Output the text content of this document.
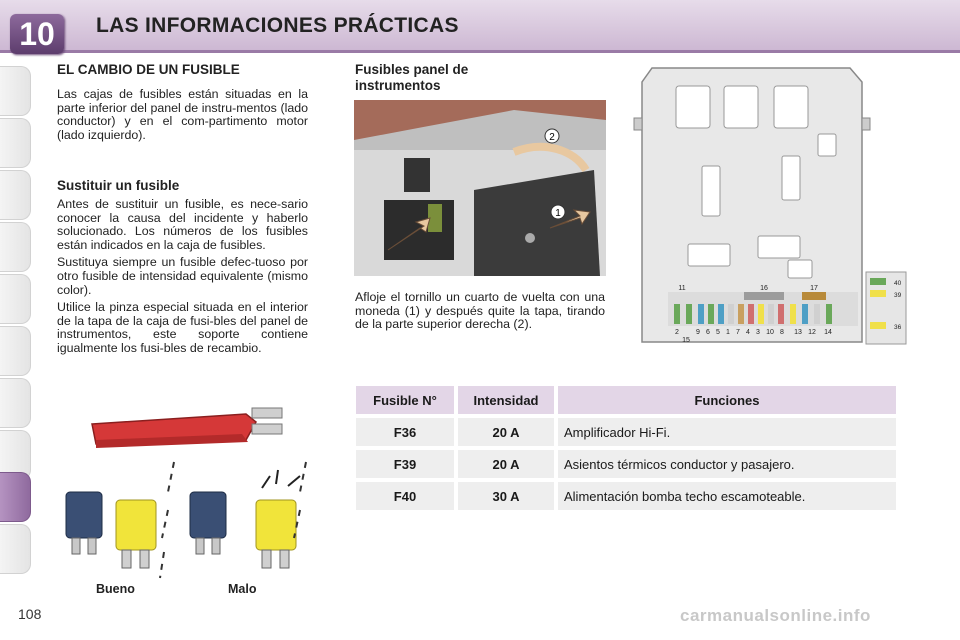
10	LAS INFORMACIONES PRÁCTICAS
EL CAMBIO DE UN FUSIBLE

Las cajas de fusibles están situadas en la parte inferior del panel de instru-mentos (lado conductor) y en el com-partimento motor (lado izquierdo).

Sustituir un fusible

Antes de sustituir un fusible, es nece-sario conocer la causa del incidente y haberlo solucionado. Los números de los fusibles están indicados en la caja de fusibles.

Sustituya siempre un fusible defec-tuoso por otro fusible de intensidad equivalente (mismo color).

Utilice la pinza especial situada en el interior de la tapa de la caja de fusi-bles del panel de instrumentos, este soporte contiene igualmente los fusi-bles de recambio.

Bueno	Malo
Fusibles panel de instrumentos
1
2

Afloje el tornillo un cuarto de vuelta con una moneda (1) y después quite la tapa, tirando de la parte superior derecha (2).

11	16	17
2 9 6 5 1 7 4 3 10 8 13 12 14
15
40
39
36
Fusible N°	Intensidad	Funciones
F36	20 A	Amplificador Hi-Fi.
F39	20 A	Asientos térmicos conductor y pasajero.
F40	30 A	Alimentación bomba techo escamoteable.
108	carmanualsonline.info
